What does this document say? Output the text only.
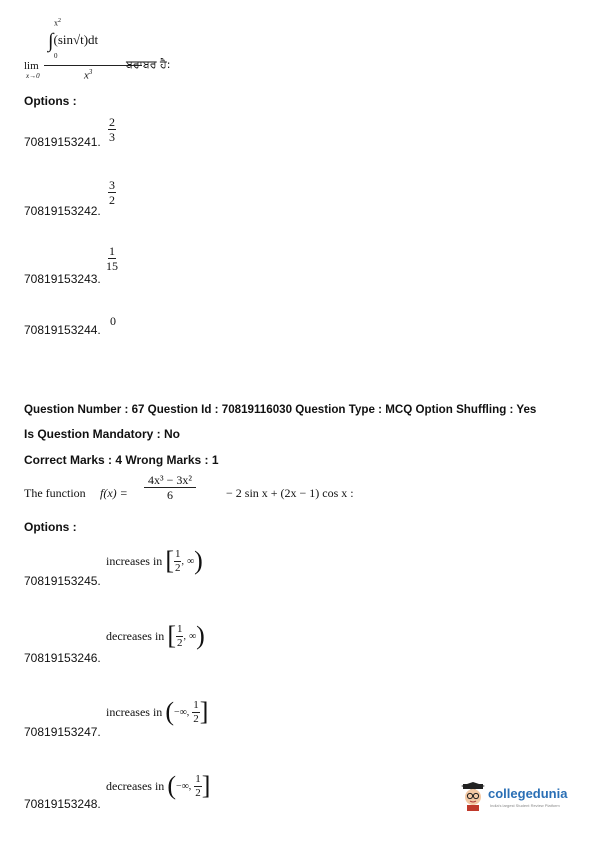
$x^2$
∫(sin√t)dt
0
lim
x→0	$x^3$
ਬਰਾਬਰ ਹੈ:
Options :
70819153241. $\frac{2}{3}$
70819153242.
$\frac{3}{2}$
70819153243.
$\frac{1}{15}$
70819153244.
0
Question Number : 67 Question Id : 70819116030 Question Type : MCQ Option Shuffling : Yes
Is Question Mandatory : No
Correct Marks : 4 Wrong Marks : 1
The function $f(x) = \frac{\text{4x³ − 3x²}}{6}$	− 2 sin x + (2x − 1) cos x :
Options :
70819153245.
increases in
[ $\frac{1}{2}$ ,
∞ )
70819153246.
decreases in
[ $\frac{1}{2}$ ,
∞ )
70819153247.
increases in
( −∞,
$\frac{1}{2}$ ]
70819153248.
decreases in
( −∞,
$\frac{1}{2}$ ]	collegedunia
India's largest Student Review Platform
